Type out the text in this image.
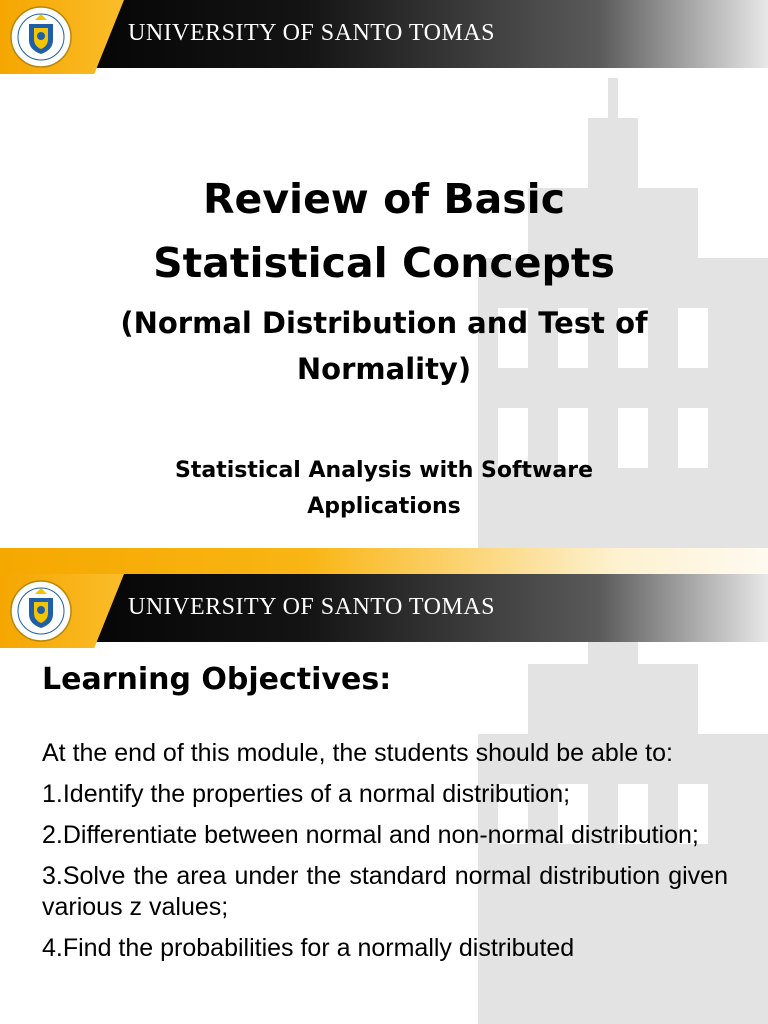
UNIVERSITY OF SANTO TOMAS
Review of Basic
Statistical Concepts
(Normal Distribution and Test of
Normality)
Statistical Analysis with Software
Applications
UNIVERSITY OF SANTO TOMAS
Learning Objectives:

At the end of this module, the students should be able to:

1.Identify the properties of a normal distribution;

2.Differentiate between normal and non-normal distribution;

3.Solve the area under the standard normal distribution given various z values;

4.Find the probabilities for a normally distributed
